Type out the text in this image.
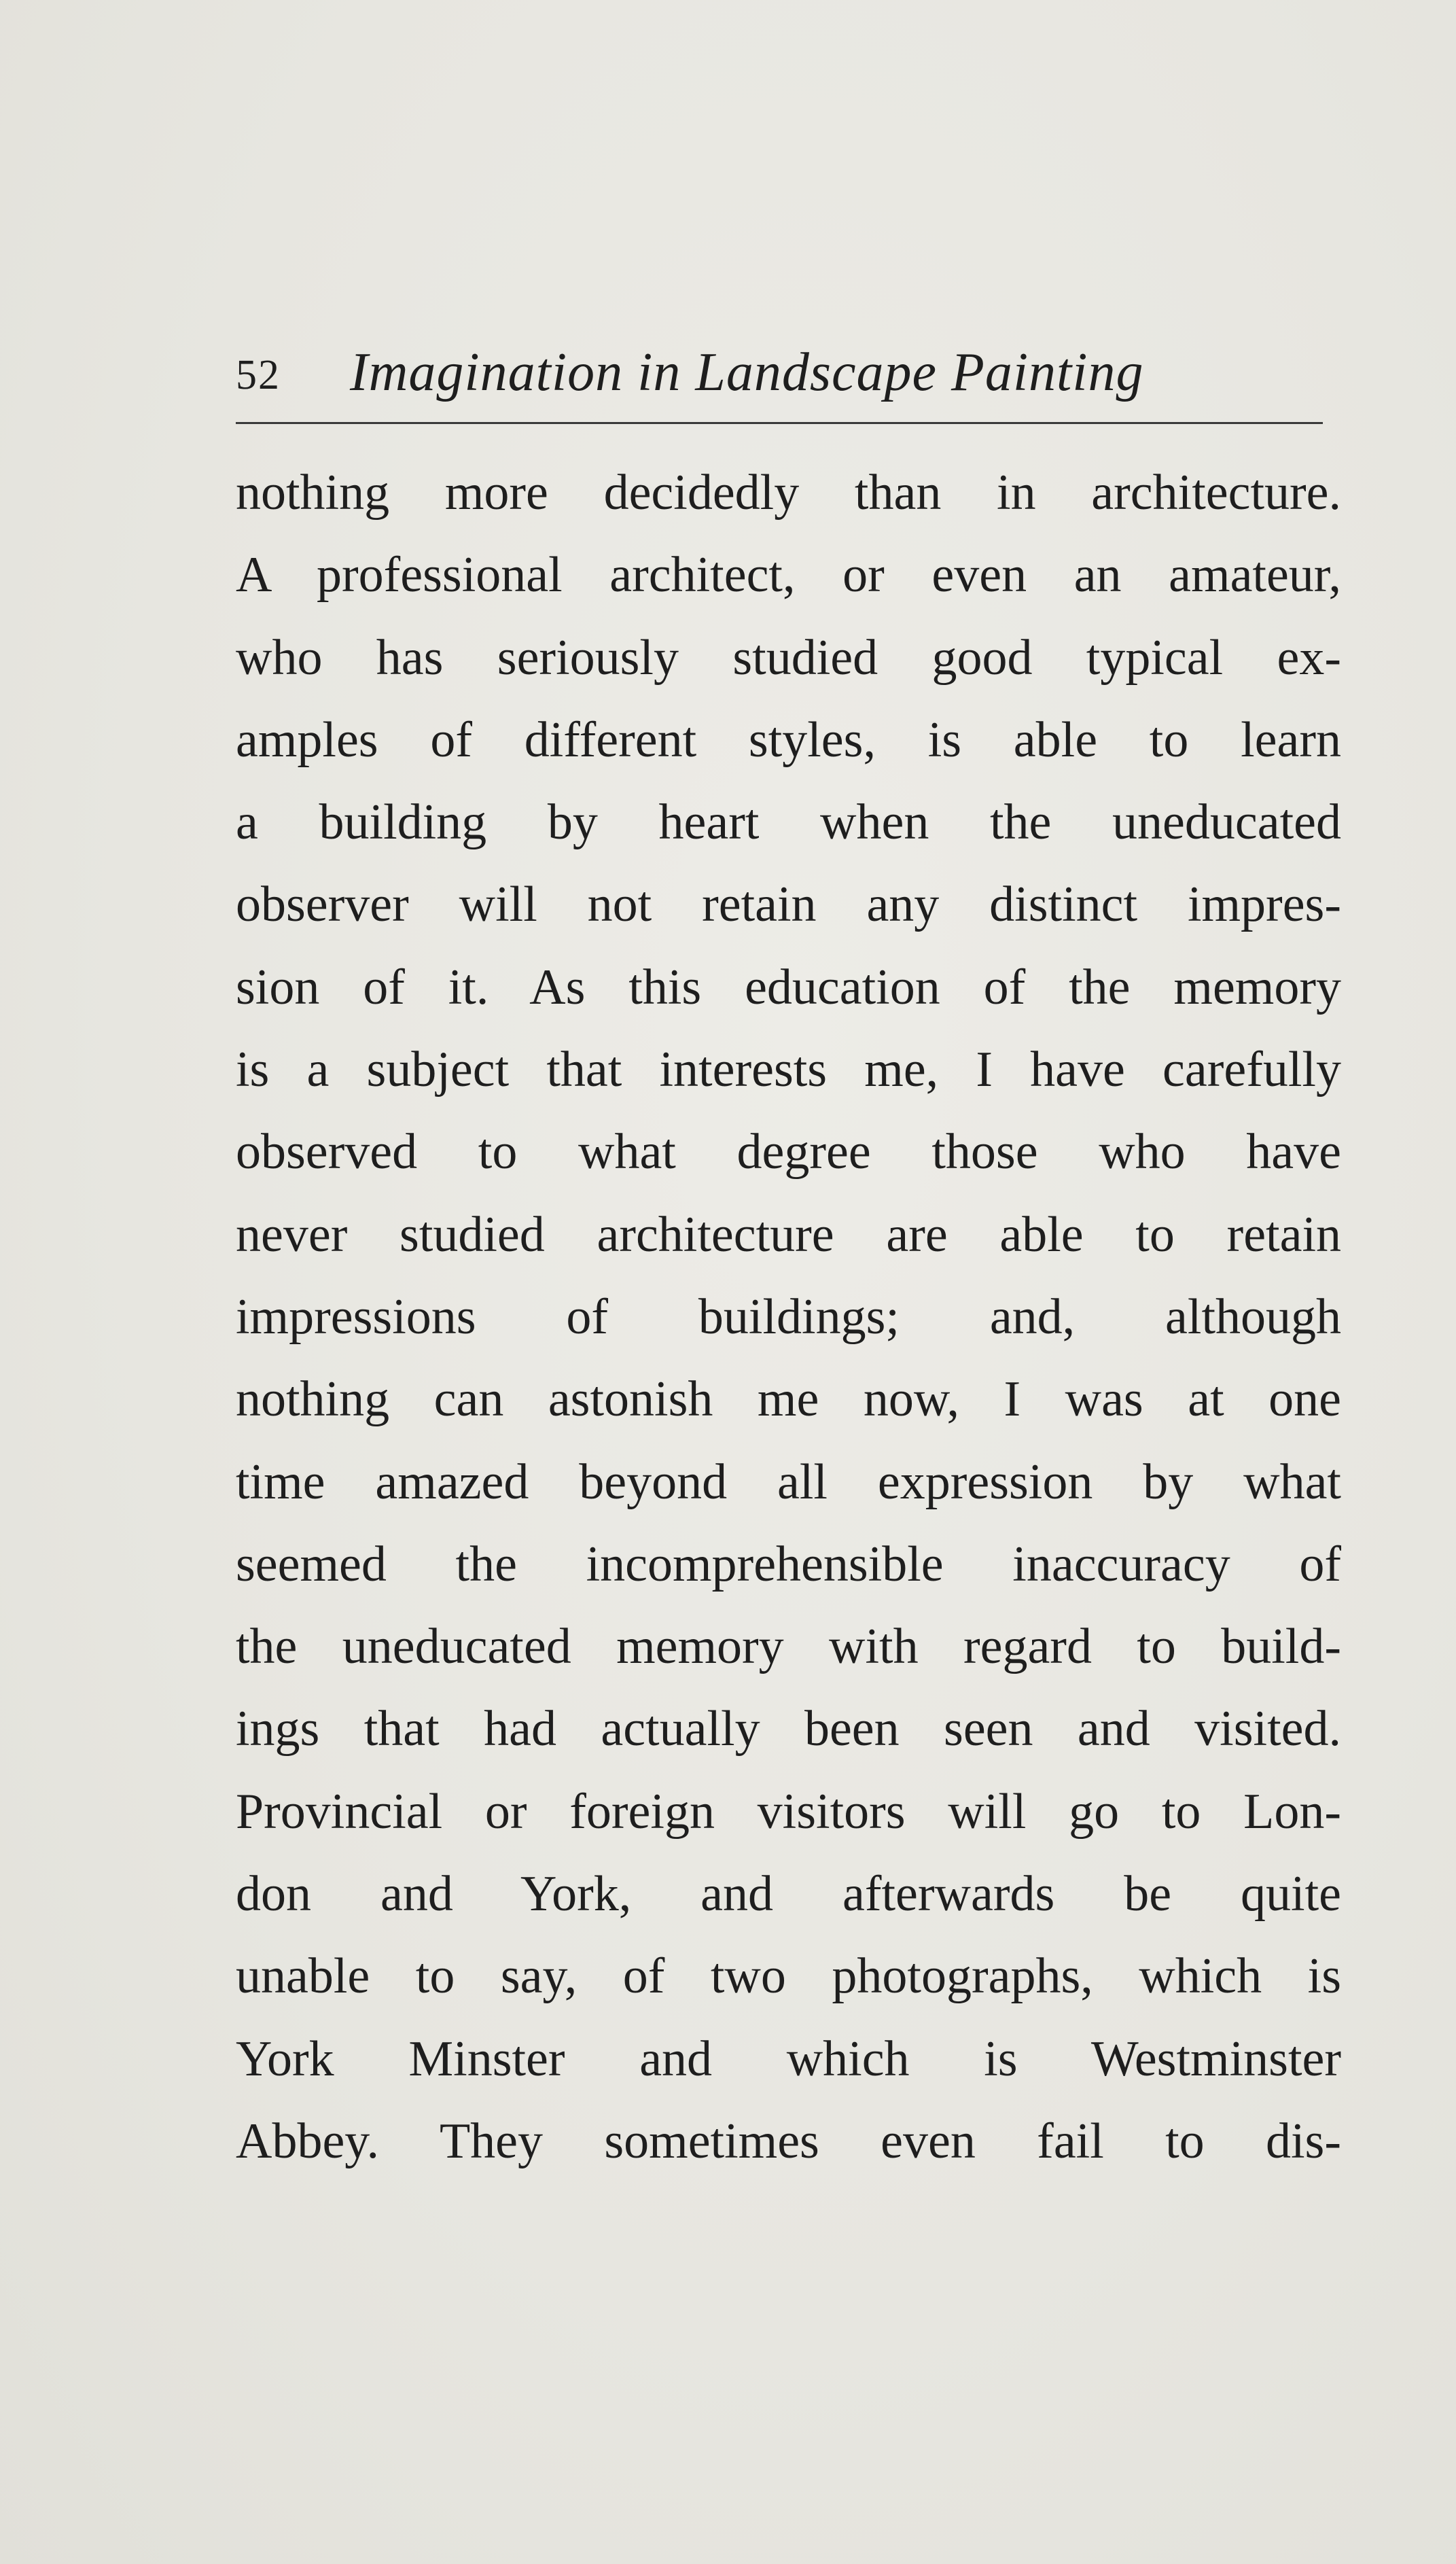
52 Imagination in Landscape Painting
nothing more decidedly than in architecture.
A professional architect, or even an amateur,
who has seriously studied good typical ex-
amples of different styles, is able to learn
a building by heart when the uneducated
observer will not retain any distinct impres-
sion of it. As this education of the memory
is a subject that interests me, I have carefully
observed to what degree those who have
never studied architecture are able to retain
impressions of buildings; and, although
nothing can astonish me now, I was at one
time amazed beyond all expression by what
seemed the incomprehensible inaccuracy of
the uneducated memory with regard to build-
ings that had actually been seen and visited.
Provincial or foreign visitors will go to Lon-
don and York, and afterwards be quite
unable to say, of two photographs, which is
York Minster and which is Westminster
Abbey. They sometimes even fail to dis-
